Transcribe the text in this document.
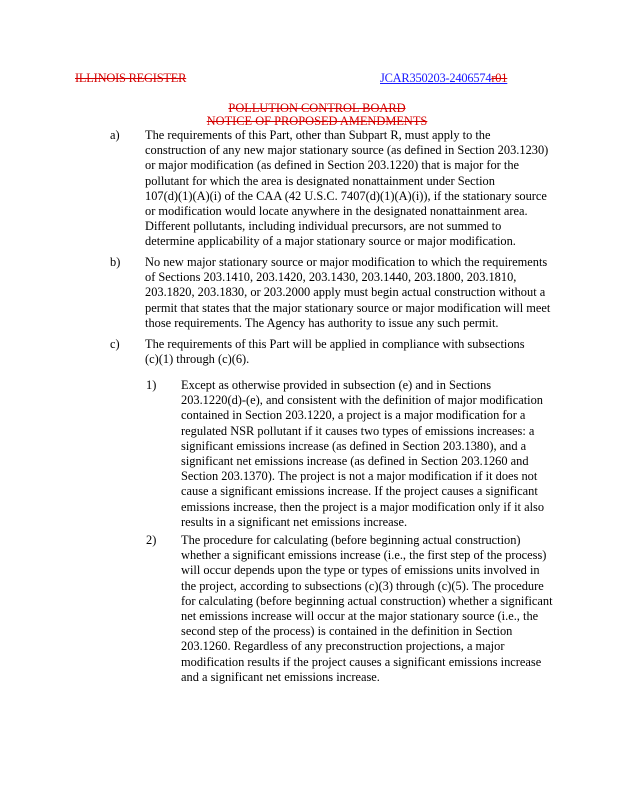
ILLINOIS REGISTER	JCAR350203-2406574r01
POLLUTION CONTROL BOARD
NOTICE OF PROPOSED AMENDMENTS
a) The requirements of this Part, other than Subpart R, must apply to the
construction of any new major stationary source (as defined in Section 203.1230)
or major modification (as defined in Section 203.1220) that is major for the
pollutant for which the area is designated nonattainment under Section
107(d)(1)(A)(i) of the CAA (42 U.S.C. 7407(d)(1)(A)(i)), if the stationary source
or modification would locate anywhere in the designated nonattainment area.
Different pollutants, including individual precursors, are not summed to
determine applicability of a major stationary source or major modification.
b) No new major stationary source or major modification to which the requirements
of Sections 203.1410, 203.1420, 203.1430, 203.1440, 203.1800, 203.1810,
203.1820, 203.1830, or 203.2000 apply must begin actual construction without a
permit that states that the major stationary source or major modification will meet
those requirements. The Agency has authority to issue any such permit.
c) The requirements of this Part will be applied in compliance with subsections
(c)(1) through (c)(6).
1) Except as otherwise provided in subsection (e) and in Sections
203.1220(d)-(e), and consistent with the definition of major modification
contained in Section 203.1220, a project is a major modification for a
regulated NSR pollutant if it causes two types of emissions increases: a
significant emissions increase (as defined in Section 203.1380), and a
significant net emissions increase (as defined in Section 203.1260 and
Section 203.1370). The project is not a major modification if it does not
cause a significant emissions increase. If the project causes a significant
emissions increase, then the project is a major modification only if it also
results in a significant net emissions increase.
2) The procedure for calculating (before beginning actual construction)
whether a significant emissions increase (i.e., the first step of the process)
will occur depends upon the type or types of emissions units involved in
the project, according to subsections (c)(3) through (c)(5). The procedure
for calculating (before beginning actual construction) whether a significant
net emissions increase will occur at the major stationary source (i.e., the
second step of the process) is contained in the definition in Section
203.1260. Regardless of any preconstruction projections, a major
modification results if the project causes a significant emissions increase
and a significant net emissions increase.
